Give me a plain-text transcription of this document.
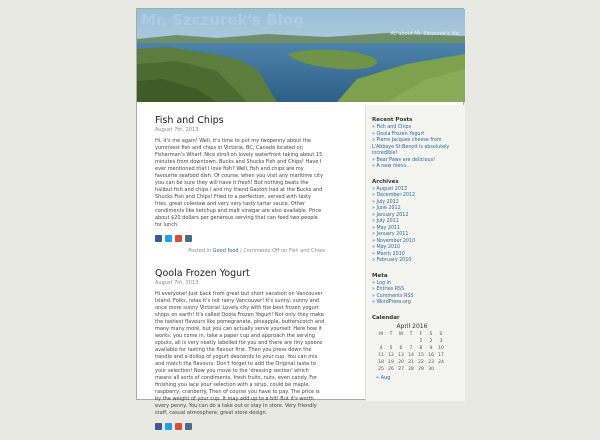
Mr. Szczurek's Blog
All about Mr. Szczurek's life
Fish and Chips
August 7th, 2013
Hi, it's me again! Well, it's time to put my twopenny about the yummiest fish and chips in Victoria, BC, Canada located on Fisherman's Wharf. Nice stroll on lovely waterfront taking about 15 minutes from downtown. Bucks and Shucks Fish and Chips! Have I ever mentioned that I love fish? Well, fish and chips are my favourite seafood dish. Of course, when you visit any maritime city you can be sure they will have it fresh! But nothing beats the halibut fish and chips I and my friend Gaston had at the Bucks and Shucks Fish and Chips! Fried to a perfection, served with tasty fries, great coleslaw and very very tasty tartar sauce. Other condiments like ketchup and malt vinegar are also available. Price about $20 dollars per generous serving that can feed two people for lunch.
Posted in Good food | Comments Off on Fish and Chips
Qoola Frozen Yogurt
August 7th, 2013
Hi everyone! Just back from great but short vacation on Vancouver Island. Folks, relax it's not rainy Vancouver! It's sunny, sunny and once more sunny Victoria! Lovely city with the best frozen yogurt shops on earth! It's called Qoola Frozen Yogurt! Not only they make the tastiest flavours like pomegranate, pineapple, butterscotch and many many more, but you can actually serve yourself. Here how it works: you come in, take a paper cup and approach the serving spouts, all is very neatly labelled for you and there are tiny spoons available for tasting the flavour first. Then you press down the handle and a dollop of yogurt descends to your cup. You can mix and match the flavours. Don't forget to add the Original taste to your selection! Now you move to the 'dressing section' which means all sorts of condiments, fresh fruits, nuts, even candy. For finishing you lace your selection with a sirup, could be maple, raspberry, cranberry. Then of course you have to pay. The price is by the weight of your cup. It may add up to a bit! But it's worth every penny. You can do a take out or stay in store. Very friendly staff, casual atmosphere, great store design.
Recent Posts
» Fish and Chips
» Qoola Frozen Yogurt
» Pierre Jacques cheese from L'Abbaye St-Benoit is absolutely incredible!
» Bear Paws are delicious!
» A new menu...
Archives
» August 2013
» December 2012
» July 2012
» June 2012
» January 2012
» July 2011
» May 2011
» January 2011
» November 2010
» May 2010
» March 2010
» February 2010
Meta
» Log in
» Entries RSS
» Comments RSS
» WordPress.org
Calendar
April 2016
M	T	W	T	F	S	S
				1	2	3
4	5	6	7	8	9	10
11	12	13	14	15	16	17
18	19	20	21	22	23	24
25	26	27	28	29	30	
« Aug
